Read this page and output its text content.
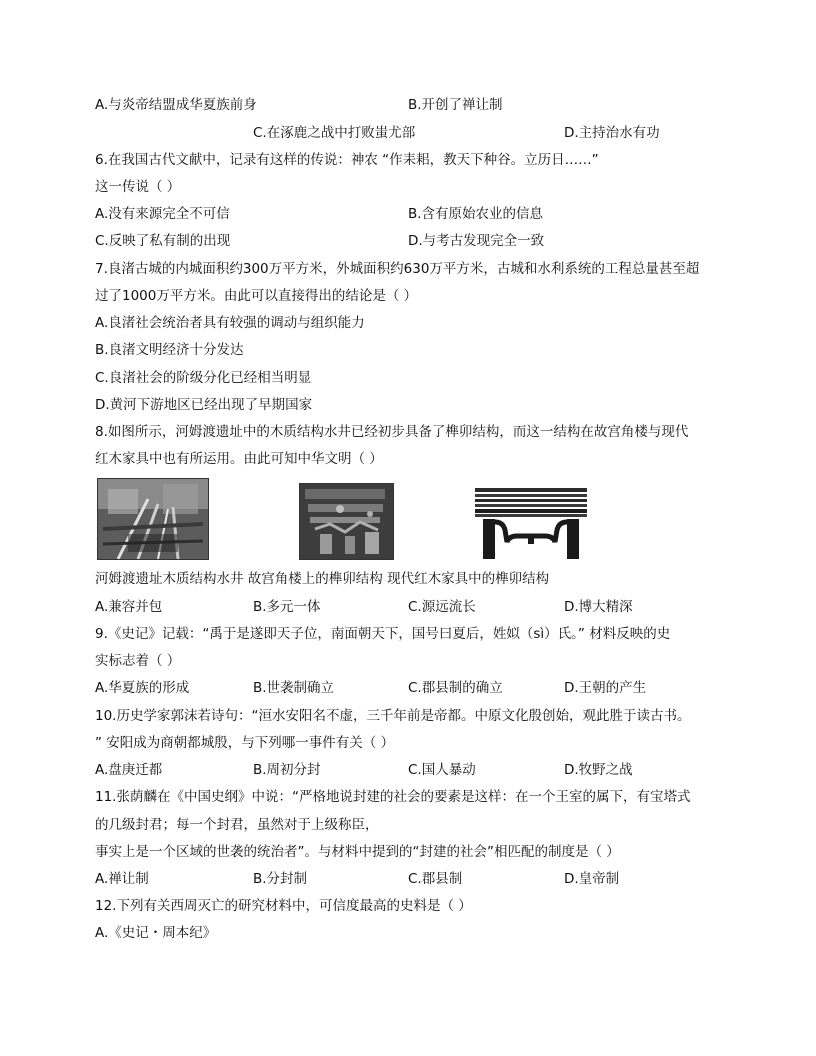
A.与炎帝结盟成华夏族前身	B.开创了禅让制
C.在涿鹿之战中打败蚩尤部	D.主持治水有功
6.在我国古代文献中，记录有这样的传说：神农 “作耒耜，教天下种谷。立历日……”
这一传说（ ）
A.没有来源完全不可信	B.含有原始农业的信息
C.反映了私有制的出现	D.与考古发现完全一致
7.良渚古城的内城面积约300万平方米，外城面积约630万平方米，古城和水利系统的工程总量甚至超
过了1000万平方米。由此可以直接得出的结论是（ ）
A.良渚社会统治者具有较强的调动与组织能力
B.良渚文明经济十分发达
C.良渚社会的阶级分化已经相当明显
D.黄河下游地区已经出现了早期国家
8.如图所示，河姆渡遗址中的木质结构水井已经初步具备了榫卯结构，而这一结构在故宫角楼与现代
红木家具中也有所运用。由此可知中华文明（ ）
河姆渡遗址木质结构水井 故宫角楼上的榫卯结构 现代红木家具中的榫卯结构
A.兼容并包	B.多元一体	C.源远流长	D.博大精深
9.《史记》记载：“禹于是遂即天子位，南面朝天下，国号曰夏后，姓姒（sì）氏。” 材料反映的史
实标志着（ ）
A.华夏族的形成	B.世袭制确立	C.郡县制的确立	D.王朝的产生
10.历史学家郭沫若诗句：“洹水安阳名不虚，三千年前是帝都。中原文化殷创始，观此胜于读古书。
” 安阳成为商朝都城殷，与下列哪一事件有关（ ）
A.盘庚迁都	B.周初分封	C.国人暴动	D.牧野之战
11.张荫麟在《中国史纲》中说：“严格地说封建的社会的要素是这样：在一个王室的属下，有宝塔式
的几级封君；每一个封君，虽然对于上级称臣，
事实上是一个区域的世袭的统治者”。与材料中提到的“封建的社会”相匹配的制度是（ ）
A.禅让制	B.分封制	C.郡县制	D.皇帝制
12.下列有关西周灭亡的研究材料中，可信度最高的史料是（ ）
A.《史记・周本纪》
